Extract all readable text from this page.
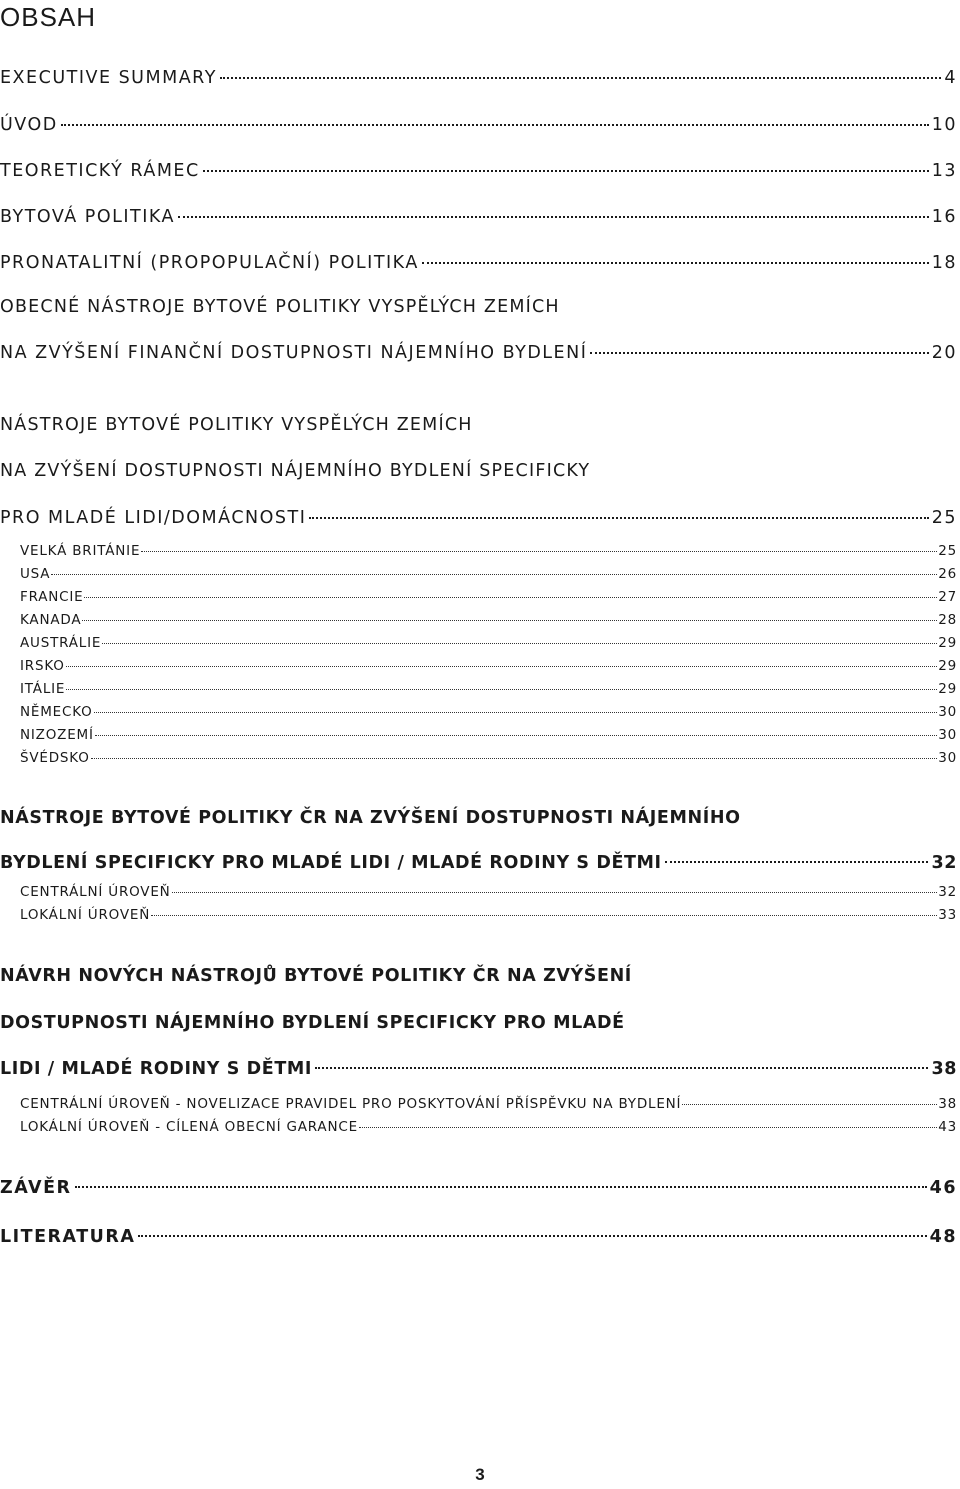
OBSAH
EXECUTIVE SUMMARY	4
ÚVOD	10
TEORETICKÝ RÁMEC	13
BYTOVÁ POLITIKA	16
PRONATALITNÍ (PROPOPULAČNÍ) POLITIKA	18
OBECNÉ NÁSTROJE BYTOVÉ POLITIKY VYSPĚLÝCH ZEMÍCH
NA ZVÝŠENÍ FINANČNÍ DOSTUPNOSTI NÁJEMNÍHO BYDLENÍ	20
NÁSTROJE BYTOVÉ POLITIKY VYSPĚLÝCH ZEMÍCH
NA ZVÝŠENÍ DOSTUPNOSTI NÁJEMNÍHO BYDLENÍ SPECIFICKY
PRO MLADÉ LIDI/DOMÁCNOSTI	25
VELKÁ BRITÁNIE	25
USA	26
FRANCIE	27
KANADA	28
AUSTRÁLIE	29
IRSKO	29
ITÁLIE	29
NĚMECKO	30
NIZOZEMÍ	30
ŠVÉDSKO	30
NÁSTROJE BYTOVÉ POLITIKY ČR NA ZVÝŠENÍ DOSTUPNOSTI NÁJEMNÍHO
BYDLENÍ SPECIFICKY PRO MLADÉ LIDI / MLADÉ RODINY S DĚTMI	32
CENTRÁLNÍ ÚROVEŇ	32
LOKÁLNÍ ÚROVEŇ	33
NÁVRH NOVÝCH NÁSTROJŮ BYTOVÉ POLITIKY ČR NA ZVÝŠENÍ
DOSTUPNOSTI NÁJEMNÍHO BYDLENÍ SPECIFICKY PRO MLADÉ
LIDI / MLADÉ RODINY S DĚTMI	38
CENTRÁLNÍ ÚROVEŇ - NOVELIZACE PRAVIDEL PRO POSKYTOVÁNÍ PŘÍSPĚVKU NA BYDLENÍ	38
LOKÁLNÍ ÚROVEŇ - CÍLENÁ OBECNÍ GARANCE	43
ZÁVĚR	46
LITERATURA	48
3
